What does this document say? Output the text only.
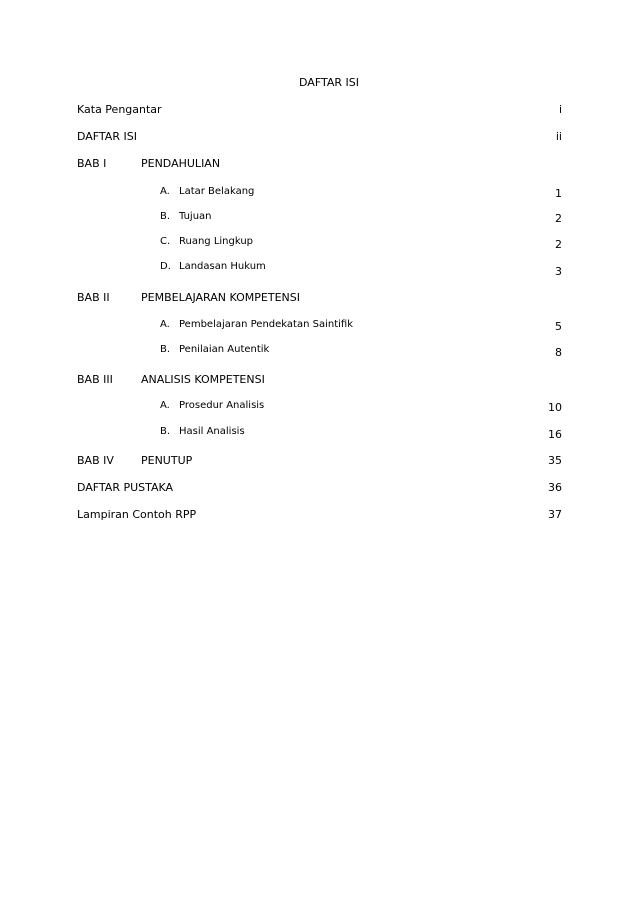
DAFTAR ISI
Kata Pengantar	i
DAFTAR ISI	ii
BAB I	PENDAHULIAN
A. Latar Belakang	1
B. Tujuan	2
C. Ruang Lingkup	2
D. Landasan Hukum	3
BAB II	PEMBELAJARAN KOMPETENSI
A. Pembelajaran Pendekatan Saintifik	5
B. Penilaian Autentik	8
BAB III	ANALISIS KOMPETENSI
A. Prosedur Analisis	10
B. Hasil Analisis	16
BAB IV PENUTUP	35
DAFTAR PUSTAKA	36
Lampiran Contoh RPP	37
